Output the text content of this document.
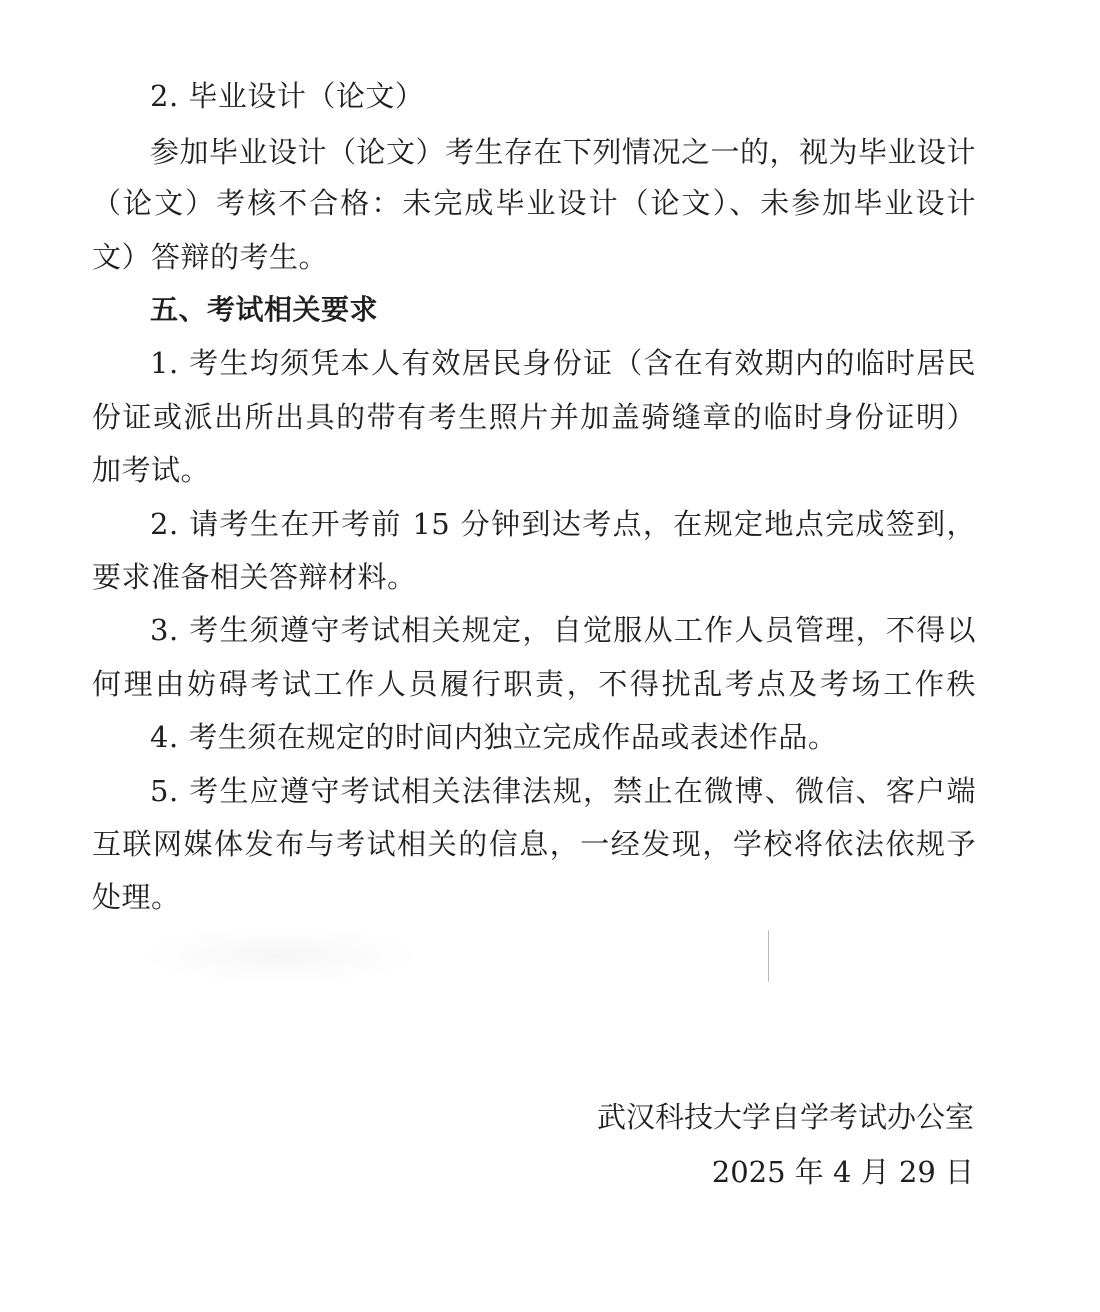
2. 毕业设计（论文）
参加毕业设计（论文）考生存在下列情况之一的，视为毕业设计
（论文）考核不合格：未完成毕业设计（论文）、未参加毕业设计
文）答辩的考生。
五、考试相关要求
1. 考生均须凭本人有效居民身份证（含在有效期内的临时居民
份证或派出所出具的带有考生照片并加盖骑缝章的临时身份证明）
加考试。
2. 请考生在开考前 15 分钟到达考点，在规定地点完成签到，
要求准备相关答辩材料。
3. 考生须遵守考试相关规定，自觉服从工作人员管理，不得以
何理由妨碍考试工作人员履行职责，不得扰乱考点及考场工作秩
4. 考生须在规定的时间内独立完成作品或表述作品。
5. 考生应遵守考试相关法律法规，禁止在微博、微信、客户端
互联网媒体发布与考试相关的信息，一经发现，学校将依法依规予
处理。
武汉科技大学自学考试办公室
2025 年 4 月 29 日
